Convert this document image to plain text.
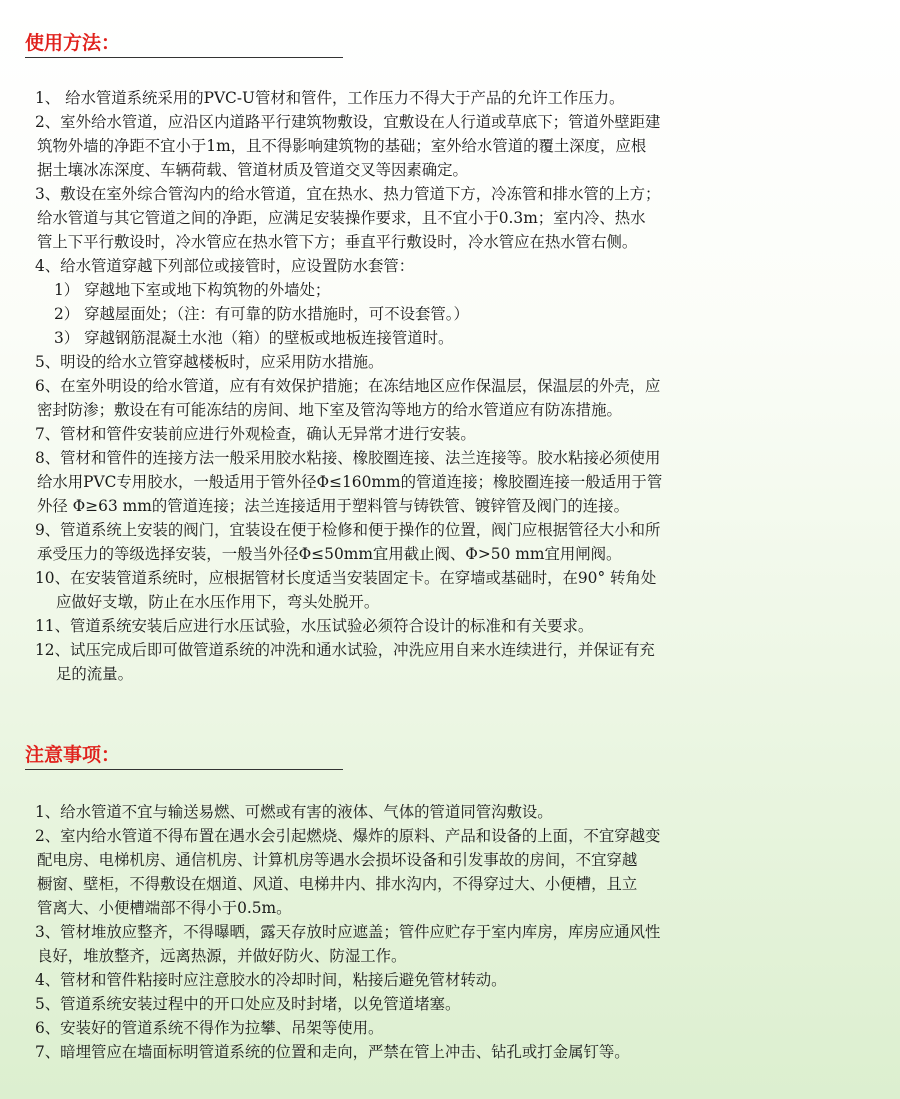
使用方法：
1、 给水管道系统采用的PVC-U管材和管件，工作压力不得大于产品的允许工作压力。
2、室外给水管道，应沿区内道路平行建筑物敷设，宜敷设在人行道或草底下；管道外壁距建
筑物外墙的净距不宜小于1m，且不得影响建筑物的基础；室外给水管道的覆土深度，应根
据土壤冰冻深度、车辆荷载、管道材质及管道交叉等因素确定。
3、敷设在室外综合管沟内的给水管道，宜在热水、热力管道下方，冷冻管和排水管的上方；
给水管道与其它管道之间的净距，应满足安装操作要求，且不宜小于0.3m；室内冷、热水
管上下平行敷设时，冷水管应在热水管下方；垂直平行敷设时，冷水管应在热水管右侧。
4、给水管道穿越下列部位或接管时，应设置防水套管：
1） 穿越地下室或地下构筑物的外墙处；
2） 穿越屋面处；（注：有可靠的防水措施时，可不设套管。）
3） 穿越钢筋混凝土水池（箱）的壁板或地板连接管道时。
5、明设的给水立管穿越楼板时，应采用防水措施。
6、在室外明设的给水管道，应有有效保护措施；在冻结地区应作保温层，保温层的外壳，应
密封防渗；敷设在有可能冻结的房间、地下室及管沟等地方的给水管道应有防冻措施。
7、管材和管件安装前应进行外观检查，确认无异常才进行安装。
8、管材和管件的连接方法一般采用胶水粘接、橡胶圈连接、法兰连接等。胶水粘接必须使用
给水用PVC专用胶水，一般适用于管外径Φ≤160mm的管道连接；橡胶圈连接一般适用于管
外径 Φ≥63 mm的管道连接；法兰连接适用于塑料管与铸铁管、镀锌管及阀门的连接。
9、管道系统上安装的阀门，宜装设在便于检修和便于操作的位置，阀门应根据管径大小和所
承受压力的等级选择安装，一般当外径Φ≤50mm宜用截止阀、Φ>50 mm宜用闸阀。
10、在安装管道系统时，应根据管材长度适当安装固定卡。在穿墙或基础时，在90° 转角处
应做好支墩，防止在水压作用下，弯头处脱开。
11、管道系统安装后应进行水压试验，水压试验必须符合设计的标准和有关要求。
12、试压完成后即可做管道系统的冲洗和通水试验，冲洗应用自来水连续进行，并保证有充
足的流量。
注意事项：
1、给水管道不宜与输送易燃、可燃或有害的液体、气体的管道同管沟敷设。
2、室内给水管道不得布置在遇水会引起燃烧、爆炸的原料、产品和设备的上面，不宜穿越变
配电房、电梯机房、通信机房、计算机房等遇水会损坏设备和引发事故的房间，不宜穿越
橱窗、壁柜，不得敷设在烟道、风道、电梯井内、排水沟内，不得穿过大、小便槽，且立
管离大、小便槽端部不得小于0.5m。
3、管材堆放应整齐，不得曝晒，露天存放时应遮盖；管件应贮存于室内库房，库房应通风性
良好，堆放整齐，远离热源，并做好防火、防湿工作。
4、管材和管件粘接时应注意胶水的冷却时间，粘接后避免管材转动。
5、管道系统安装过程中的开口处应及时封堵，以免管道堵塞。
6、安装好的管道系统不得作为拉攀、吊架等使用。
7、暗埋管应在墙面标明管道系统的位置和走向，严禁在管上冲击、钻孔或打金属钉等。
